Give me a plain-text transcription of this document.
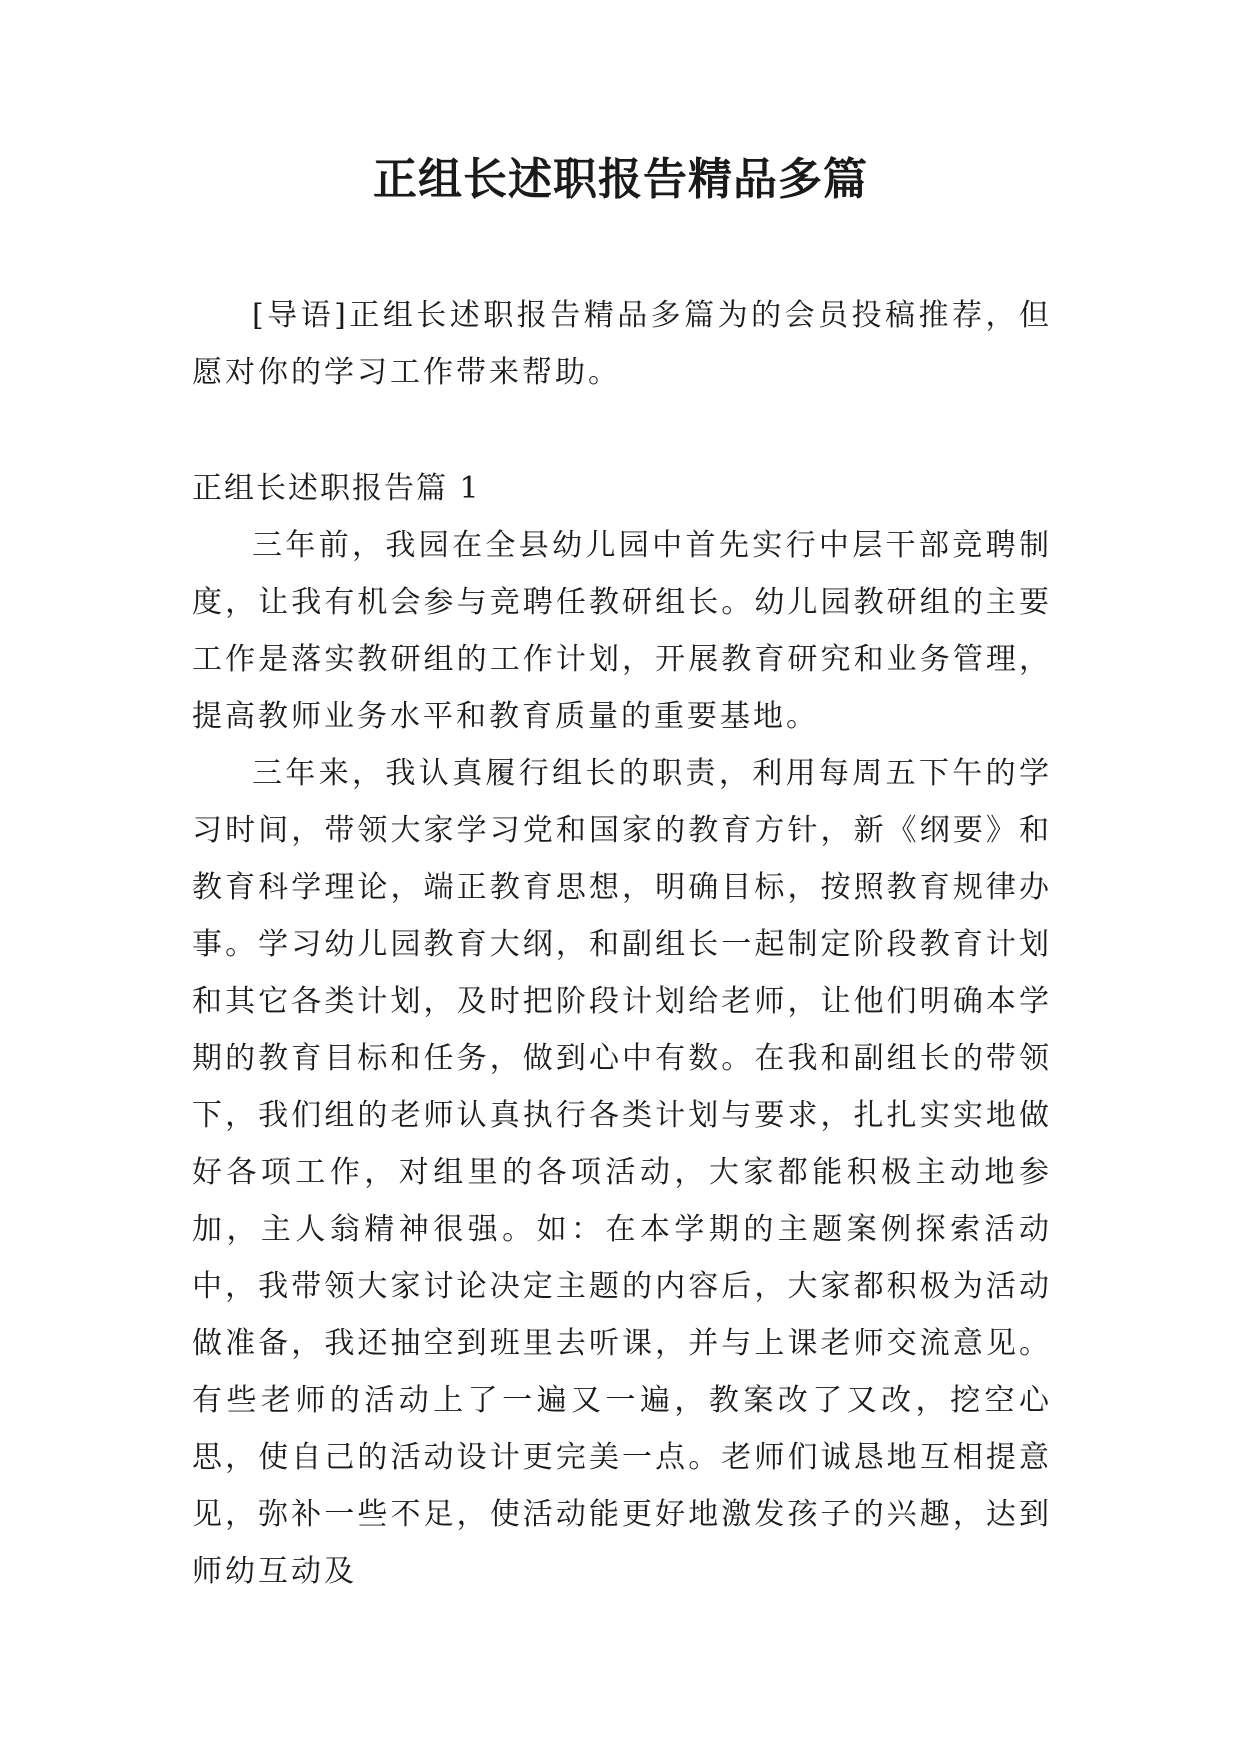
正组长述职报告精品多篇

[导语]正组长述职报告精品多篇为的会员投稿推荐，但愿对你的学习工作带来帮助。

正组长述职报告篇 1

三年前，我园在全县幼儿园中首先实行中层干部竞聘制度，让我有机会参与竞聘任教研组长。幼儿园教研组的主要工作是落实教研组的工作计划，开展教育研究和业务管理，提高教师业务水平和教育质量的重要基地。

三年来，我认真履行组长的职责，利用每周五下午的学习时间，带领大家学习党和国家的教育方针，新《纲要》和教育科学理论，端正教育思想，明确目标，按照教育规律办事。学习幼儿园教育大纲，和副组长一起制定阶段教育计划和其它各类计划，及时把阶段计划给老师，让他们明确本学期的教育目标和任务，做到心中有数。在我和副组长的带领下，我们组的老师认真执行各类计划与要求，扎扎实实地做好各项工作，对组里的各项活动，大家都能积极主动地参加，主人翁精神很强。如：在本学期的主题案例探索活动中，我带领大家讨论决定主题的内容后，大家都积极为活动做准备，我还抽空到班里去听课，并与上课老师交流意见。有些老师的活动上了一遍又一遍，教案改了又改，挖空心思，使自己的活动设计更完美一点。老师们诚恳地互相提意见，弥补一些不足，使活动能更好地激发孩子的兴趣，达到师幼互动及
